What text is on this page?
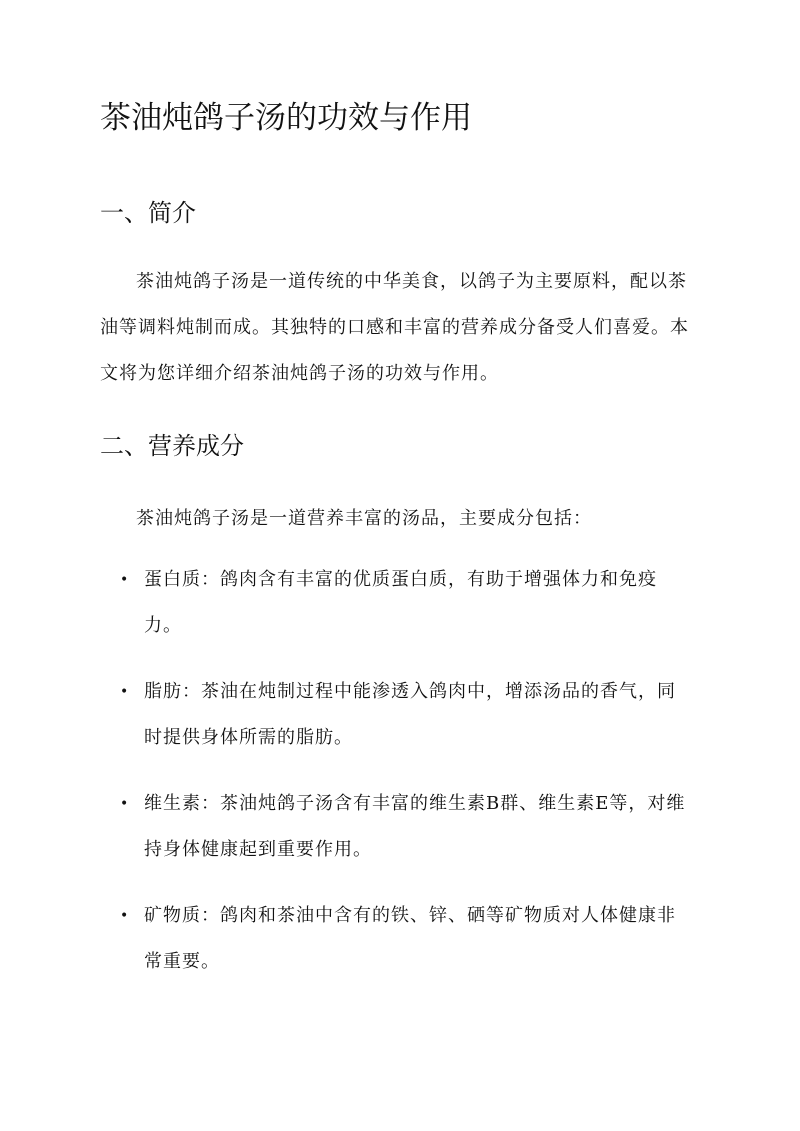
茶油炖鸽子汤的功效与作用
一、简介

茶油炖鸽子汤是一道传统的中华美食，以鸽子为主要原料，配以茶油等调料炖制而成。其独特的口感和丰富的营养成分备受人们喜爱。本文将为您详细介绍茶油炖鸽子汤的功效与作用。

二、营养成分

茶油炖鸽子汤是一道营养丰富的汤品，主要成分包括：

• 蛋白质：鸽肉含有丰富的优质蛋白质，有助于增强体力和免疫力。
• 脂肪：茶油在炖制过程中能渗透入鸽肉中，增添汤品的香气，同时提供身体所需的脂肪。
• 维生素：茶油炖鸽子汤含有丰富的维生素B群、维生素E等，对维持身体健康起到重要作用。
• 矿物质：鸽肉和茶油中含有的铁、锌、硒等矿物质对人体健康非常重要。
